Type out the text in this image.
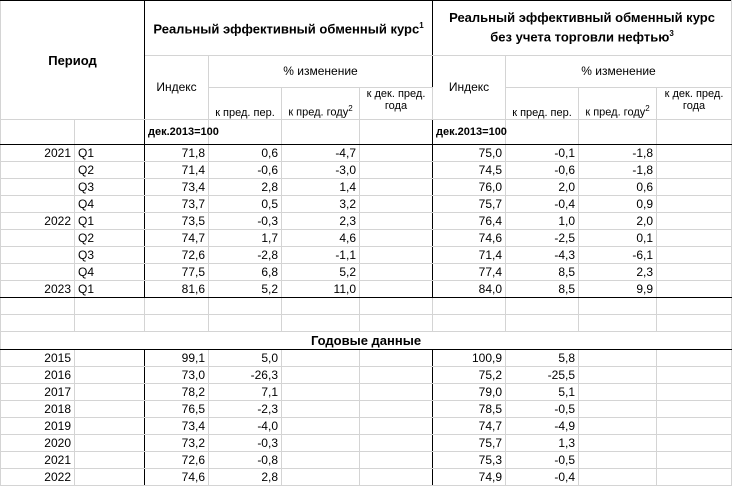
Период		Реальный эффективный обменный курс$^1$				Реальный эффективный обменный курс
без учета торговли нефтью$^3$
		Индекс	% изменение			Индекс	% изменение		
			к пред. пер.	к пред. году$^2$	к дек. пред. года		к пред. пер.	к пред. году$^2$	к дек. пред. года
		дек.2013=100				дек.2013=100			
2021	Q1	71,8	0,6	-4,7		75,0	-0,1	-1,8	
	Q2	71,4	-0,6	-3,0		74,5	-0,6	-1,8	
	Q3	73,4	2,8	1,4		76,0	2,0	0,6	
	Q4	73,7	0,5	3,2		75,7	-0,4	0,9	
2022	Q1	73,5	-0,3	2,3		76,4	1,0	2,0	
	Q2	74,7	1,7	4,6		74,6	-2,5	0,1	
	Q3	72,6	-2,8	-1,1		71,4	-4,3	-6,1	
	Q4	77,5	6,8	5,2		77,4	8,5	2,3	
2023	Q1	81,6	5,2	11,0		84,0	8,5	9,9	

Годовые данные									
2015		99,1	5,0			100,9	5,8		
2016		73,0	-26,3			75,2	-25,5		
2017		78,2	7,1			79,0	5,1		
2018		76,5	-2,3			78,5	-0,5		
2019		73,4	-4,0			74,7	-4,9		
2020		73,2	-0,3			75,7	1,3		
2021		72,6	-0,8			75,3	-0,5		
2022		74,6	2,8			74,9	-0,4		
